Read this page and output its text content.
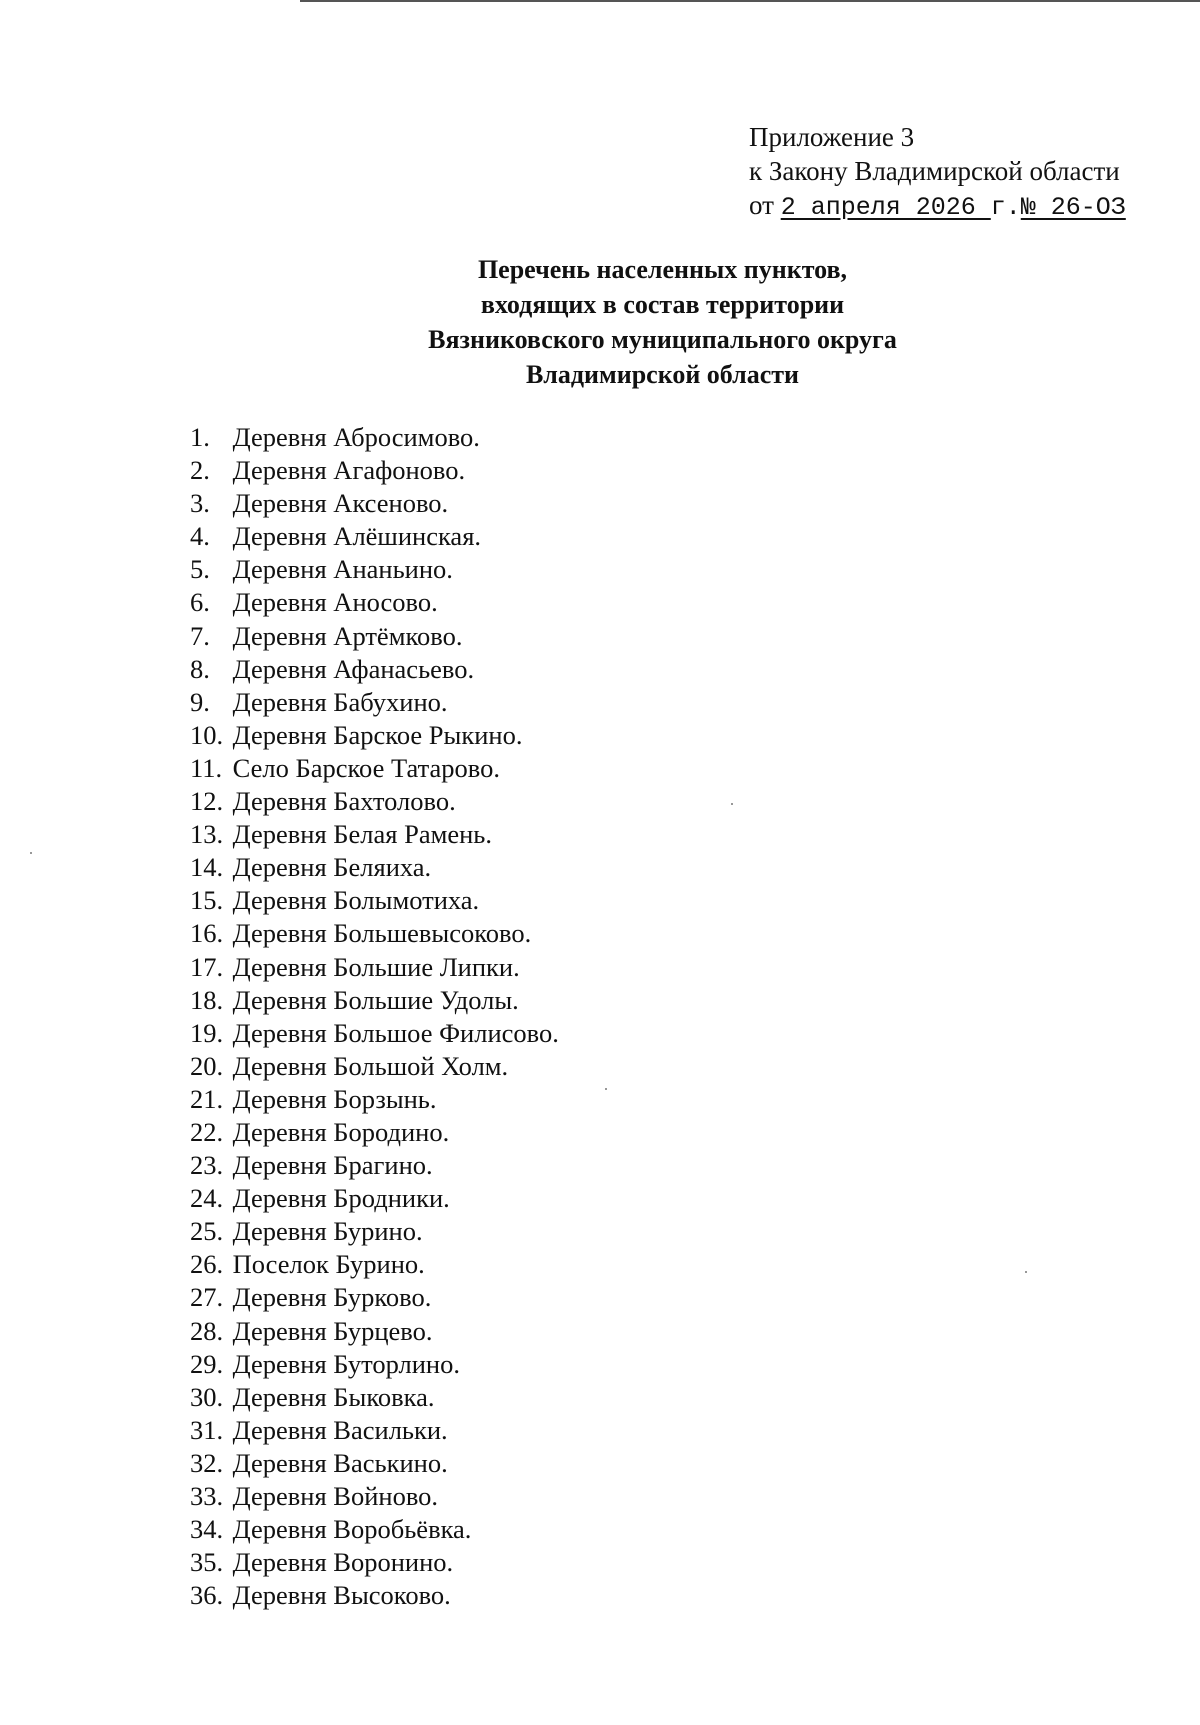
Приложение 3
к Закону Владимирской области
от 2 апреля 2026 г.№ 26-ОЗ
Перечень населенных пунктов,
входящих в состав территории
Вязниковского муниципального округа
Владимирской области
1. Деревня Абросимово.
2. Деревня Агафоново.
3. Деревня Аксеново.
4. Деревня Алёшинская.
5. Деревня Ананьино.
6. Деревня Аносово.
7. Деревня Артёмково.
8. Деревня Афанасьево.
9. Деревня Бабухино.
10. Деревня Барское Рыкино.
11. Село Барское Татарово.
12. Деревня Бахтолово.
13. Деревня Белая Рамень.
14. Деревня Беляиха.
15. Деревня Болымотиха.
16. Деревня Большевысоково.
17. Деревня Большие Липки.
18. Деревня Большие Удолы.
19. Деревня Большое Филисово.
20. Деревня Большой Холм.
21. Деревня Борзынь.
22. Деревня Бородино.
23. Деревня Брагино.
24. Деревня Бродники.
25. Деревня Бурино.
26. Поселок Бурино.
27. Деревня Бурково.
28. Деревня Бурцево.
29. Деревня Буторлино.
30. Деревня Быковка.
31. Деревня Васильки.
32. Деревня Васькино.
33. Деревня Войново.
34. Деревня Воробьёвка.
35. Деревня Воронино.
36. Деревня Высоково.
